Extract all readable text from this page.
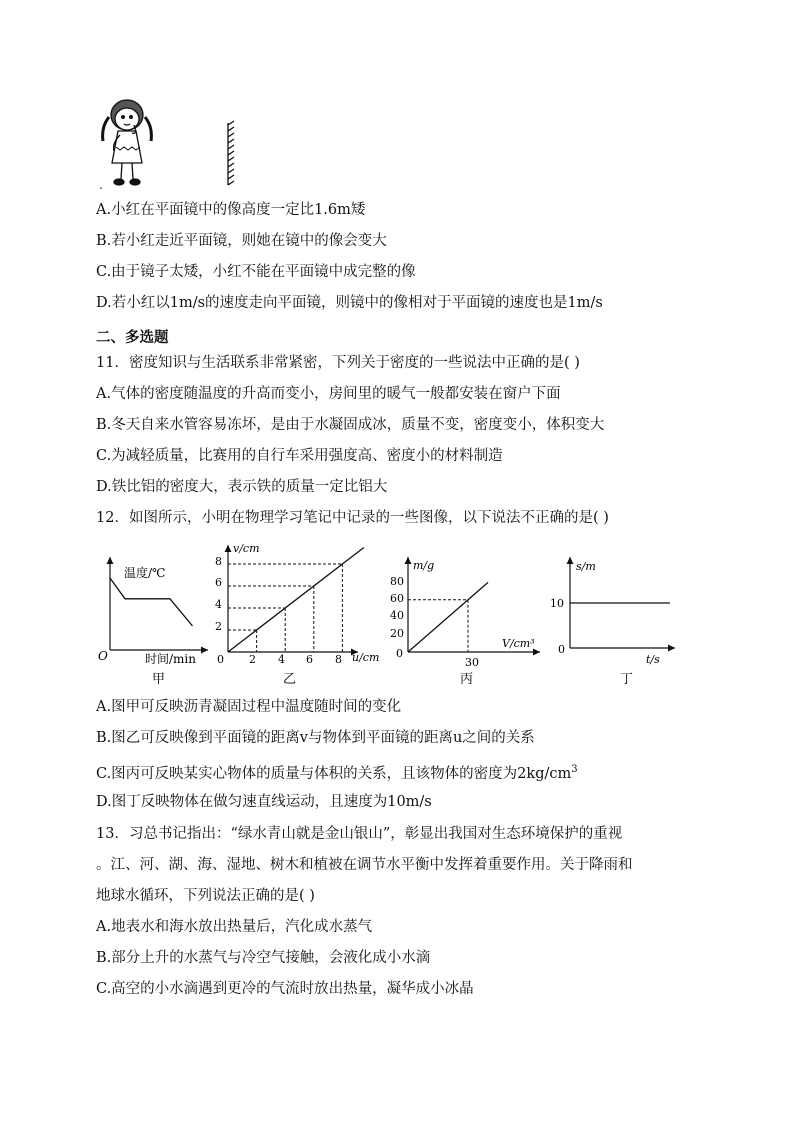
.
A.小红在平面镜中的像高度一定比1.6m矮
B.若小红走近平面镜，则她在镜中的像会变大
C.由于镜子太矮，小红不能在平面镜中成完整的像
D.若小红以1m/s的速度走向平面镜，则镜中的像相对于平面镜的速度也是1m/s
二、多选题
11．密度知识与生活联系非常紧密，下列关于密度的一些说法中正确的是( )
A.气体的密度随温度的升高而变小，房间里的暖气一般都安装在窗户下面
B.冬天自来水管容易冻坏，是由于水凝固成冰，质量不变，密度变小，体积变大
C.为减轻质量，比赛用的自行车采用强度高、密度小的材料制造
D.铁比铝的密度大，表示铁的质量一定比铝大
12．如图所示，小明在物理学习笔记中记录的一些图像，以下说法不正确的是( )
温度/℃
时间/min
O
甲
v/cm
u/cm
0 2 4 6 8
2
4
6
8
乙
m/g
V/cm³
0
30
20
40
60
80
丙
s/m
t/s
0
10
丁
A.图甲可反映沥青凝固过程中温度随时间的变化
B.图乙可反映像到平面镜的距离v与物体到平面镜的距离u之间的关系
C.图丙可反映某实心物体的质量与体积的关系，且该物体的密度为$2kg/cm^3$
D.图丁反映物体在做匀速直线运动，且速度为10m/s
13．习总书记指出：“绿水青山就是金山银山”，彰显出我国对生态环境保护的重视
。江、河、湖、海、湿地、树木和植被在调节水平衡中发挥着重要作用。关于降雨和
地球水循环，下列说法正确的是( )
A.地表水和海水放出热量后，汽化成水蒸气
B.部分上升的水蒸气与冷空气接触，会液化成小水滴
C.高空的小水滴遇到更冷的气流时放出热量，凝华成小冰晶
